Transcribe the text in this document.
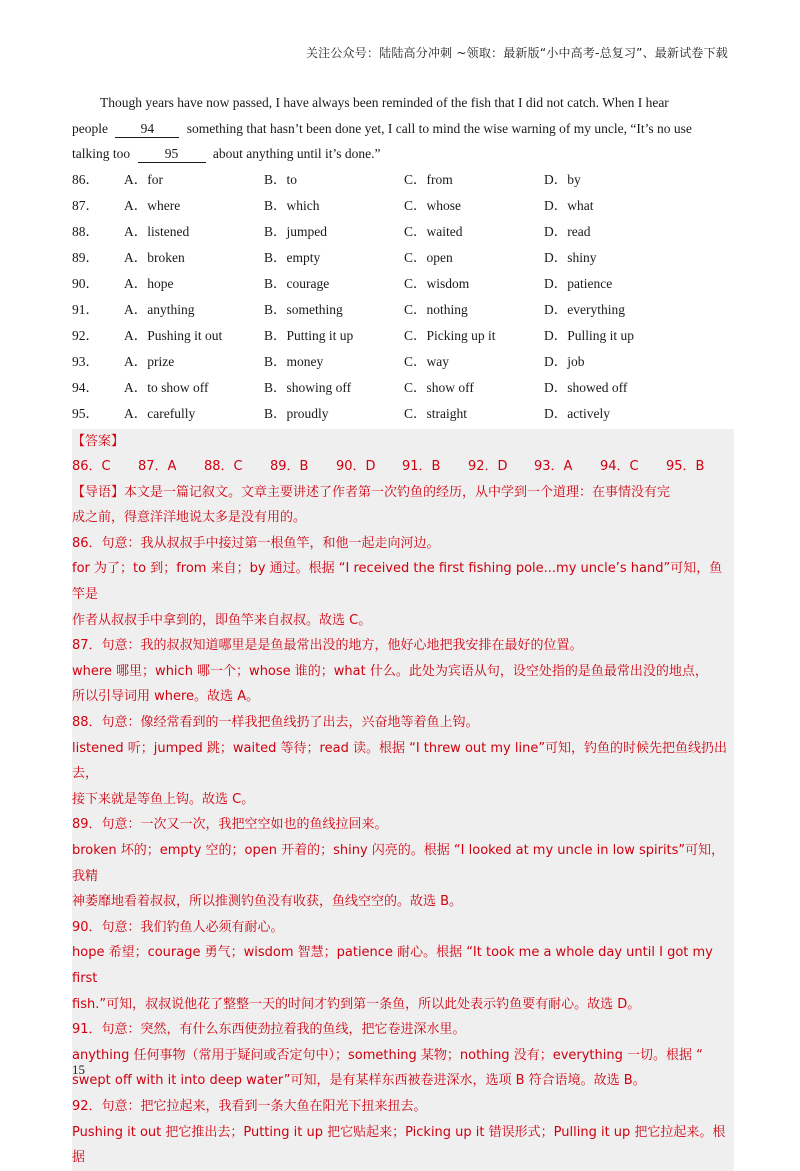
关注公众号：陆陆高分冲刺 ~领取：最新版“小中高考-总复习”、最新试卷下载

Though years have now passed, I have always been reminded of the fish that I did not catch. When I hear
people 94 something that hasn’t been done yet, I call to mind the wise warning of my uncle, “It’s no use
talking too	95	about anything until it’s done.”

86．	A．for	B．to	C．from	D．by
87．	A．where	B．which	C．whose	D．what
88．	A．listened	B．jumped	C．waited	D．read
89．	A．broken	B．empty	C．open	D．shiny
90．	A．hope	B．courage	C．wisdom	D．patience
91．	A．anything	B．something	C．nothing	D．everything
92．	A．Pushing it out	B．Putting it up	C．Picking up it	D．Pulling it up
93．	A．prize	B．money	C．way	D．job
94．	A．to show off	B．showing off	C．show off	D．showed off
95．	A．carefully	B．proudly	C．straight	D．actively

【答案】

86．C	87．A	88．C	89．B	90．D	91．B	92．D	93．A	94．C	95．B

【导语】本文是一篇记叙文。文章主要讲述了作者第一次钓鱼的经历，从中学到一个道理：在事情没有完

成之前，得意洋洋地说太多是没有用的。

86．句意：我从叔叔手中接过第一根鱼竿，和他一起走向河边。

for 为了；to 到；from 来自；by 通过。根据 “I received the first fishing pole...my uncle’s hand”可知，鱼竿是

作者从叔叔手中拿到的，即鱼竿来自叔叔。故选 C。

87．句意：我的叔叔知道哪里是是鱼最常出没的地方，他好心地把我安排在最好的位置。

where 哪里；which 哪一个；whose 谁的；what 什么。此处为宾语从句，设空处指的是鱼最常出没的地点，

所以引导词用 where。故选 A。

88．句意：像经常看到的一样我把鱼线扔了出去，兴奋地等着鱼上钩。

listened 听；jumped 跳；waited 等待；read 读。根据 “I threw out my line”可知，钓鱼的时候先把鱼线扔出去，

接下来就是等鱼上钩。故选 C。

89．句意：一次又一次，我把空空如也的鱼线拉回来。

broken 坏的；empty 空的；open 开着的；shiny 闪亮的。根据 “I looked at my uncle in low spirits”可知，我精

神萎靡地看着叔叔，所以推测钓鱼没有收获，鱼线空空的。故选 B。

90．句意：我们钓鱼人必须有耐心。

hope 希望；courage 勇气；wisdom 智慧；patience 耐心。根据 “It took me a whole day until I got my first

fish.”可知，叔叔说他花了整整一天的时间才钓到第一条鱼，所以此处表示钓鱼要有耐心。故选 D。

91．句意：突然，有什么东西使劲拉着我的鱼线，把它卷进深水里。

anything 任何事物（常用于疑问或否定句中）；something 某物；nothing 没有；everything 一切。根据 “

swept off with it into deep water”可知，是有某样东西被卷进深水，选项 B 符合语境。故选 B。

92．句意：把它拉起来，我看到一条大鱼在阳光下扭来扭去。

Pushing it out 把它推出去；Putting it up 把它贴起来；Picking up it 错误形式；Pulling it up 把它拉起来。根据

15
